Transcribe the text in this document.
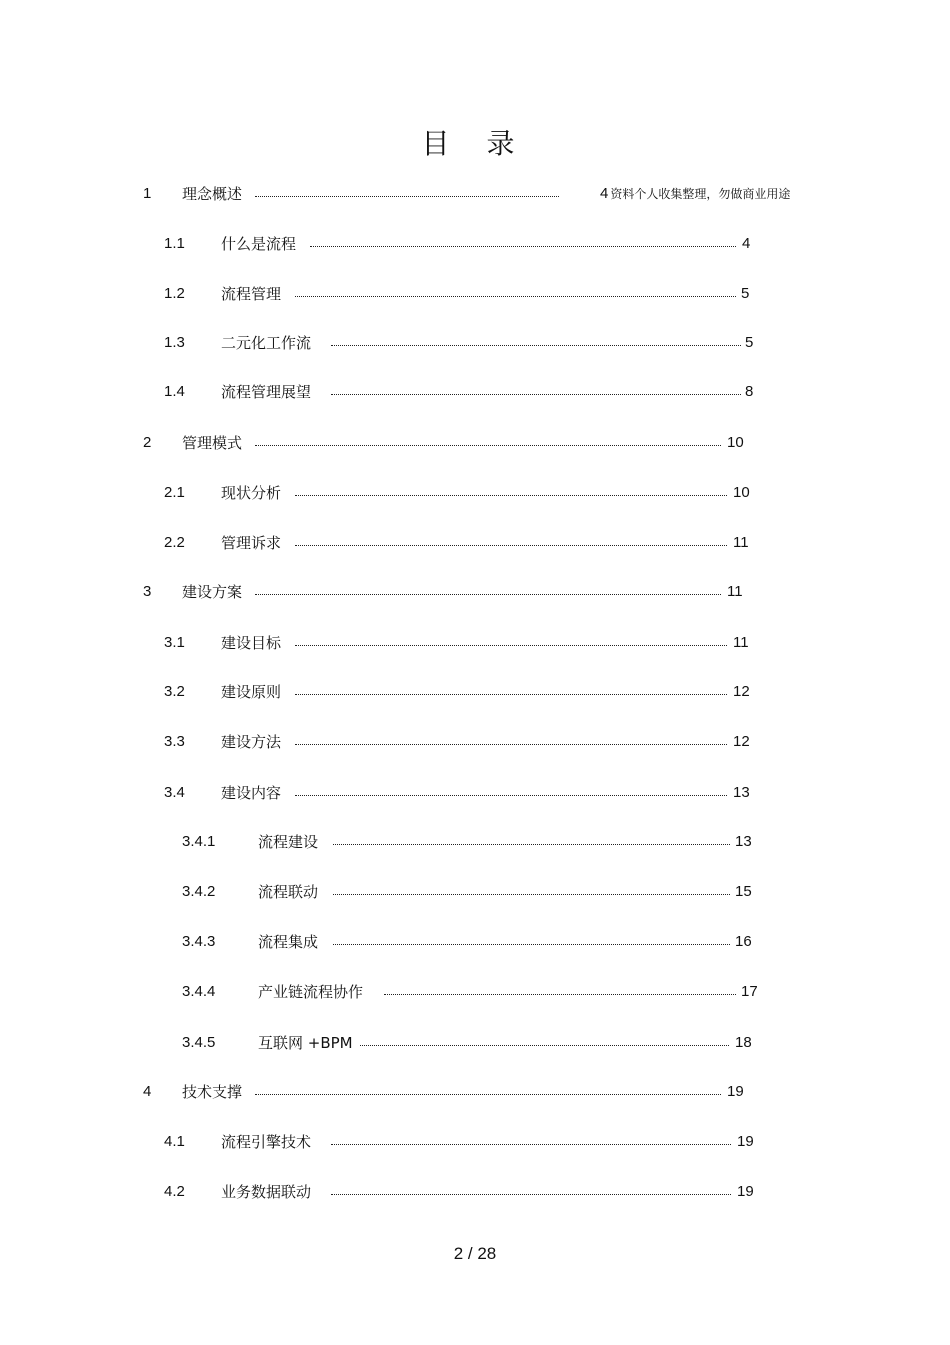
目 录
1 理念概述	4 资料个人收集整理，勿做商业用途
1.1 什么是流程	4
1.2 流程管理	5
1.3 二元化工作流	5
1.4 流程管理展望	8
2 管理模式	10
2.1 现状分析	10
2.2 管理诉求	11
3 建设方案	11
3.1 建设目标	11
3.2 建设原则	12
3.3 建设方法	12
3.4 建设内容	13
3.4.1	流程建设	13
3.4.2	流程联动	15
3.4.3	流程集成	16
3.4.4	产业链流程协作	17
3.4.5	互联网 +BPM	18
4 技术支撑	19
4.1 流程引擎技术	19
4.2 业务数据联动	19
2 / 28
